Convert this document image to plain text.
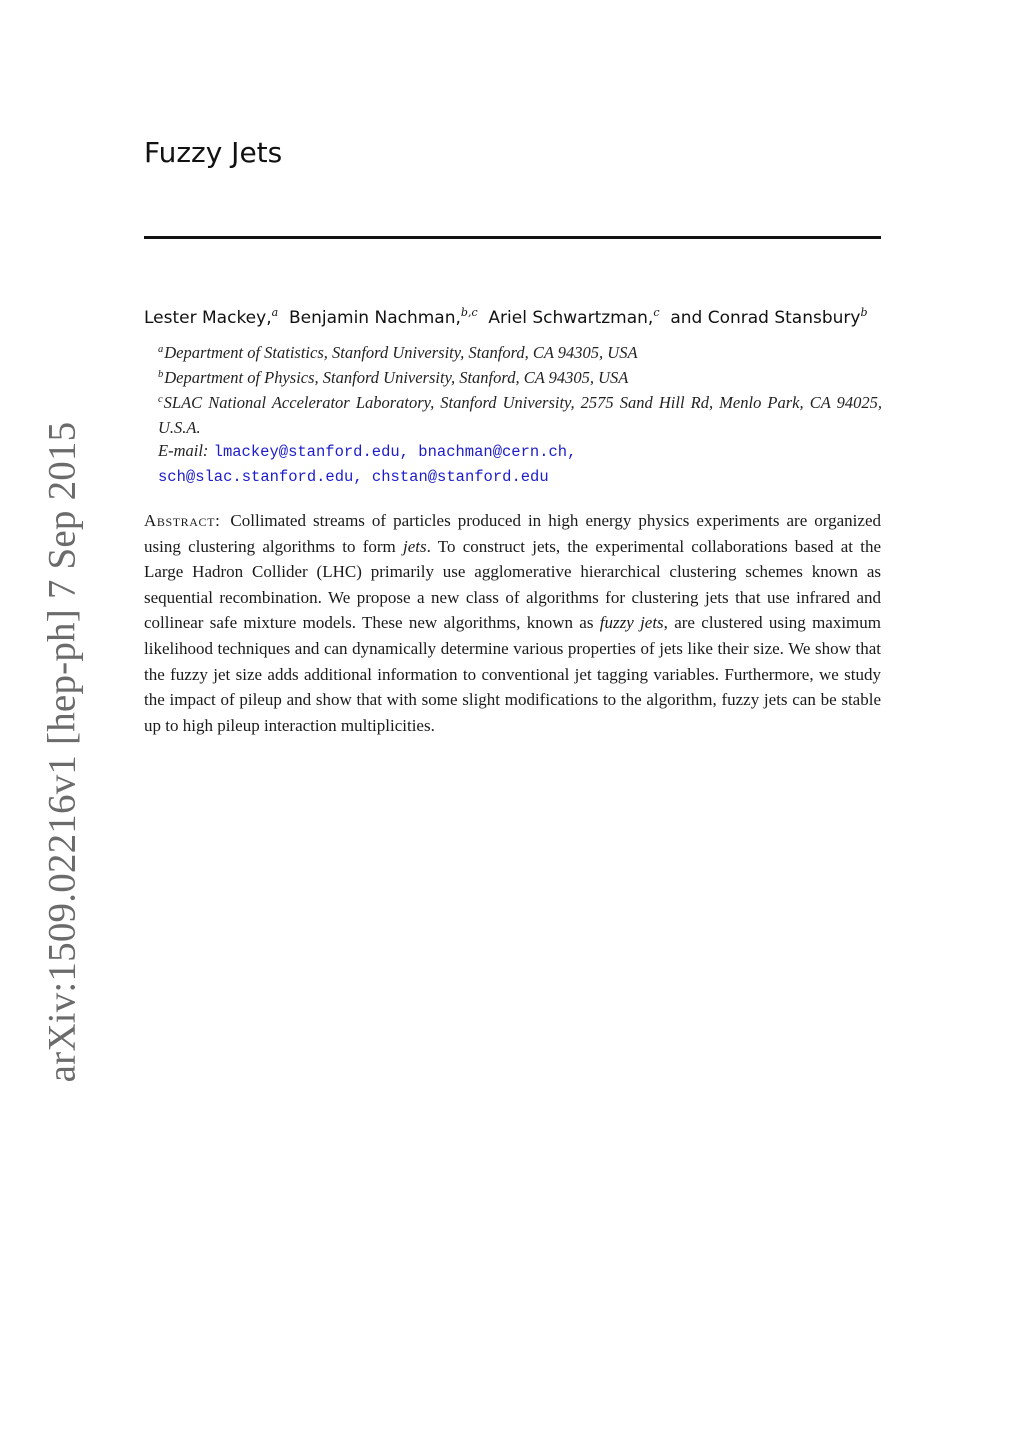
arXiv:1509.02216v1 [hep-ph] 7 Sep 2015
Fuzzy Jets
Lester Mackey,$^a$ Benjamin Nachman,$^{b,c}$ Ariel Schwartzman,$^c$ and Conrad Stansbury$^b$
$^a$Department of Statistics, Stanford University, Stanford, CA 94305, USA
$^b$Department of Physics, Stanford University, Stanford, CA 94305, USA
$^c$SLAC National Accelerator Laboratory, Stanford University, 2575 Sand Hill Rd, Menlo Park, CA 94025, U.S.A.
E-mail: lmackey@stanford.edu, bnachman@cern.ch,
sch@slac.stanford.edu, chstan@stanford.edu
Abstract: Collimated streams of particles produced in high energy physics experiments are organized using clustering algorithms to form jets. To construct jets, the experimental collaborations based at the Large Hadron Collider (LHC) primarily use agglomerative hierarchical clustering schemes known as sequential recombination. We propose a new class of algorithms for clustering jets that use infrared and collinear safe mixture models. These new algorithms, known as fuzzy jets, are clustered using maximum likelihood techniques and can dynamically determine various properties of jets like their size. We show that the fuzzy jet size adds additional information to conventional jet tagging variables. Furthermore, we study the impact of pileup and show that with some slight modifications to the algorithm, fuzzy jets can be stable up to high pileup interaction multiplicities.
